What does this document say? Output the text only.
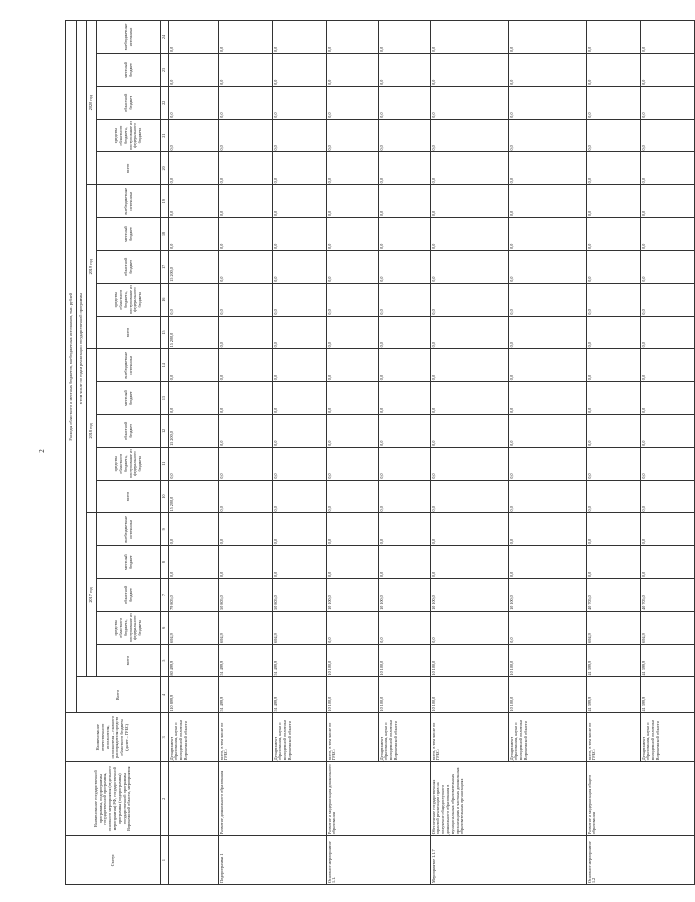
2
Статус	Наименование государственной программы, подпрограммы государственной программы, основного мероприятия (отдельного мероприятия) РФ, государственной программы (подпрограммы) государственной программы Воронежской области, мероприятия	Наименование ответственного исполнителя, исполнителя – главного распорядителя средств областного бюджета (далее – ГРБС)	Расходы областного и местных бюджетов, внебюджетных источников, тыс. рублей																				
			Всего	в том числе по годам реализации государственной программы																			
				2017 год					2018 год					2019 год					2020 год				
				всего	средства областного бюджета, поступившие из федерального бюджета	областной бюджет	местный бюджет	внебюджетные источники	всего	средства областного бюджета, поступившие из федерального бюджета	областной бюджет	местный бюджет	внебюджетные источники	всего	средства областного бюджета, поступившие из федерального бюджета	областной бюджет	местный бюджет	внебюджетные источники	всего	средства областного бюджета, поступившие из федерального бюджета	областной бюджет	местный бюджет	внебюджетные источники
1	2	3	4	5	6	7	8	9	10	11	12	13	14	15	16	17	18	19	20	21	22	23	24
		Департамент образования, науки и молодежной политики Воронежской области	110 899,9	80 499,9	694,9	79 805,0	0,0	0,0	15 200,0	0,0	15 200,0	0,0	0,0	15 200,0	0,0	15 200,0	0,0	0,0	0,0	0,0	0,0	0,0	0,0
Подпрограмма 1	Развитие дошкольного образования	всего, в том числе по ГРБС:	51 499,9	51 499,9	694,9	50 805,0	0,0	0,0	0,0	0,0	0,0	0,0	0,0	0,0	0,0	0,0	0,0	0,0	0,0	0,0	0,0	0,0	0,0
		Департамент образования, науки и молодежной политики Воронежской области	51 499,9	51 499,9	694,9	50 805,0	0,0	0,0	0,0	0,0	0,0	0,0	0,0	0,0	0,0	0,0	0,0	0,0	0,0	0,0	0,0	0,0	0,0
Основное мероприятие 1.1.	Развитие и модернизация дошкольного образования	всего, в том числе по ГРБС:	10 100,0	10 100,0	0,0	10 100,0	0,0	0,0	0,0	0,0	0,0	0,0	0,0	0,0	0,0	0,0	0,0	0,0	0,0	0,0	0,0	0,0	0,0
		Департамент образования, науки и молодежной политики Воронежской области	10 100,0	10 100,0	0,0	10 100,0	0,0	0,0	0,0	0,0	0,0	0,0	0,0	0,0	0,0	0,0	0,0	0,0	0,0	0,0	0,0	0,0	0,0
Мероприятие 1.1.7	Обеспечение государственных гарантий реализации прав на получение общедоступного дошкольного образования в муниципальных образовательных организациях и частных дошкольных образовательных организациях	всего, в том числе по ГРБС:	10 100,0	10 100,0	0,0	10 100,0	0,0	0,0	0,0	0,0	0,0	0,0	0,0	0,0	0,0	0,0	0,0	0,0	0,0	0,0	0,0	0,0	0,0
		Департамент образования, науки и молодежной политики Воронежской области	10 100,0	10 100,0	0,0	10 100,0	0,0	0,0	0,0	0,0	0,0	0,0	0,0	0,0	0,0	0,0	0,0	0,0	0,0	0,0	0,0	0,0	0,0
Основное мероприятие 1.2	Развитие и модернизация общего образования	всего, в том числе по ГРБС:	41 399,9	41 399,9	694,9	40 705,0	0,0	0,0	0,0	0,0	0,0	0,0	0,0	0,0	0,0	0,0	0,0	0,0	0,0	0,0	0,0	0,0	0,0
		Департамент образования, науки и молодежной политики Воронежской области	41 399,9	41 399,9	694,9	40 705,0	0,0	0,0	0,0	0,0	0,0	0,0	0,0	0,0	0,0	0,0	0,0	0,0	0,0	0,0	0,0	0,0	0,0
